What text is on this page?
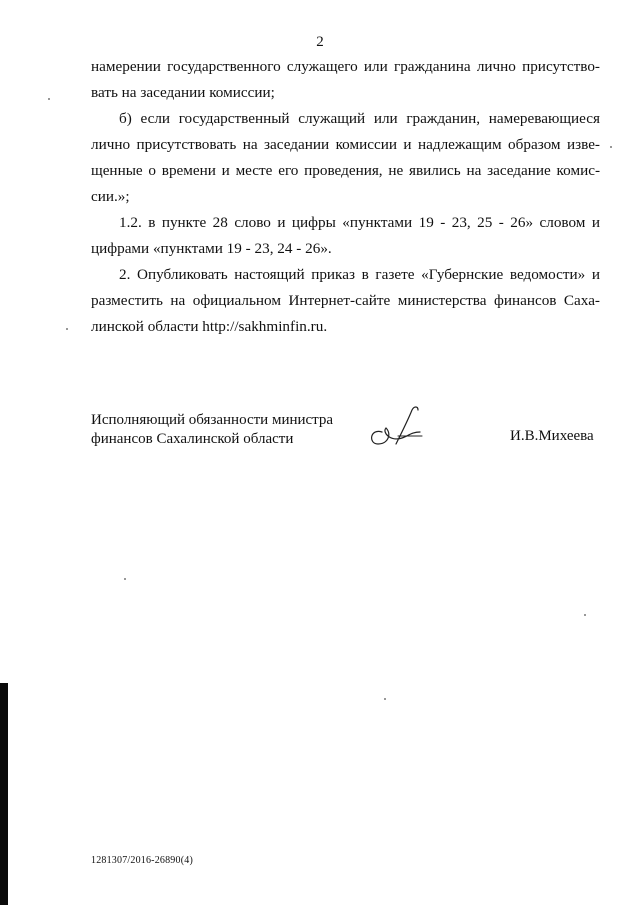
2

намерении государственного служащего или гражданина лично присутство-вать на заседании комиссии;

б) если государственный служащий или гражданин, намеревающиеся лично присутствовать на заседании комиссии и надлежащим образом изве-щенные о времени и месте его проведения, не явились на заседание комис-сии.»;

1.2. в пункте 28 слово и цифры «пунктами 19 - 23, 25 - 26» словом и цифрами «пунктами 19 - 23, 24 - 26».

2. Опубликовать настоящий приказ в газете «Губернские ведомости» и разместить на официальном Интернет-сайте министерства финансов Саха-линской области http://sakhminfin.ru.

Исполняющий обязанности министра
финансов Сахалинской области	И.В.Михеева
1281307/2016-26890(4)
